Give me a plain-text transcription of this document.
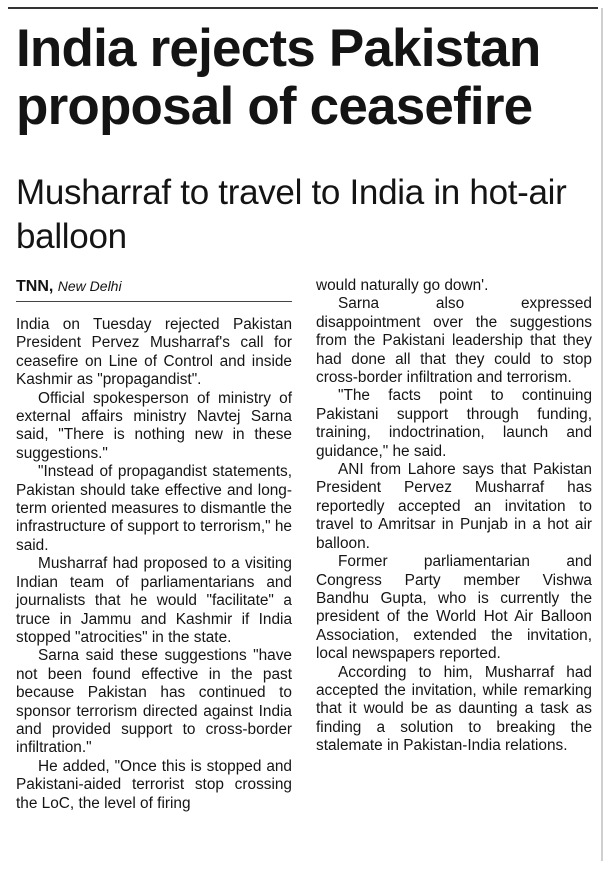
India rejects Pakistan proposal of ceasefire
Musharraf to travel to India in hot-air balloon
TNN, New Delhi

India on Tuesday rejected Pakistan President Pervez Musharraf's call for ceasefire on Line of Control and inside Kashmir as "propagandist".

Official spokesperson of ministry of external affairs ministry Navtej Sarna said, "There is nothing new in these suggestions."

"Instead of propagandist statements, Pakistan should take effective and long-term oriented measures to dismantle the infrastructure of support to terrorism," he said.

Musharraf had proposed to a visiting Indian team of parliamentarians and journalists that he would "facilitate" a truce in Jammu and Kashmir if India stopped "atrocities" in the state.

Sarna said these suggestions "have not been found effective in the past because Pakistan has continued to sponsor terrorism directed against India and provided support to cross-border infiltration."

He added, "Once this is stopped and Pakistani-aided terrorist stop crossing the LoC, the level of firing

would naturally go down'.

Sarna also expressed disappointment over the suggestions from the Pakistani leadership that they had done all that they could to stop cross-border infiltration and terrorism.

"The facts point to continuing Pakistani support through funding, training, indoctrination, launch and guidance," he said.

ANI from Lahore says that Pakistan President Pervez Musharraf has reportedly accepted an invitation to travel to Amritsar in Punjab in a hot air balloon.

Former parliamentarian and Congress Party member Vishwa Bandhu Gupta, who is currently the president of the World Hot Air Balloon Association, extended the invitation, local newspapers reported.

According to him, Musharraf had accepted the invitation, while remarking that it would be as daunting a task as finding a solution to breaking the stalemate in Pakistan-India relations.
